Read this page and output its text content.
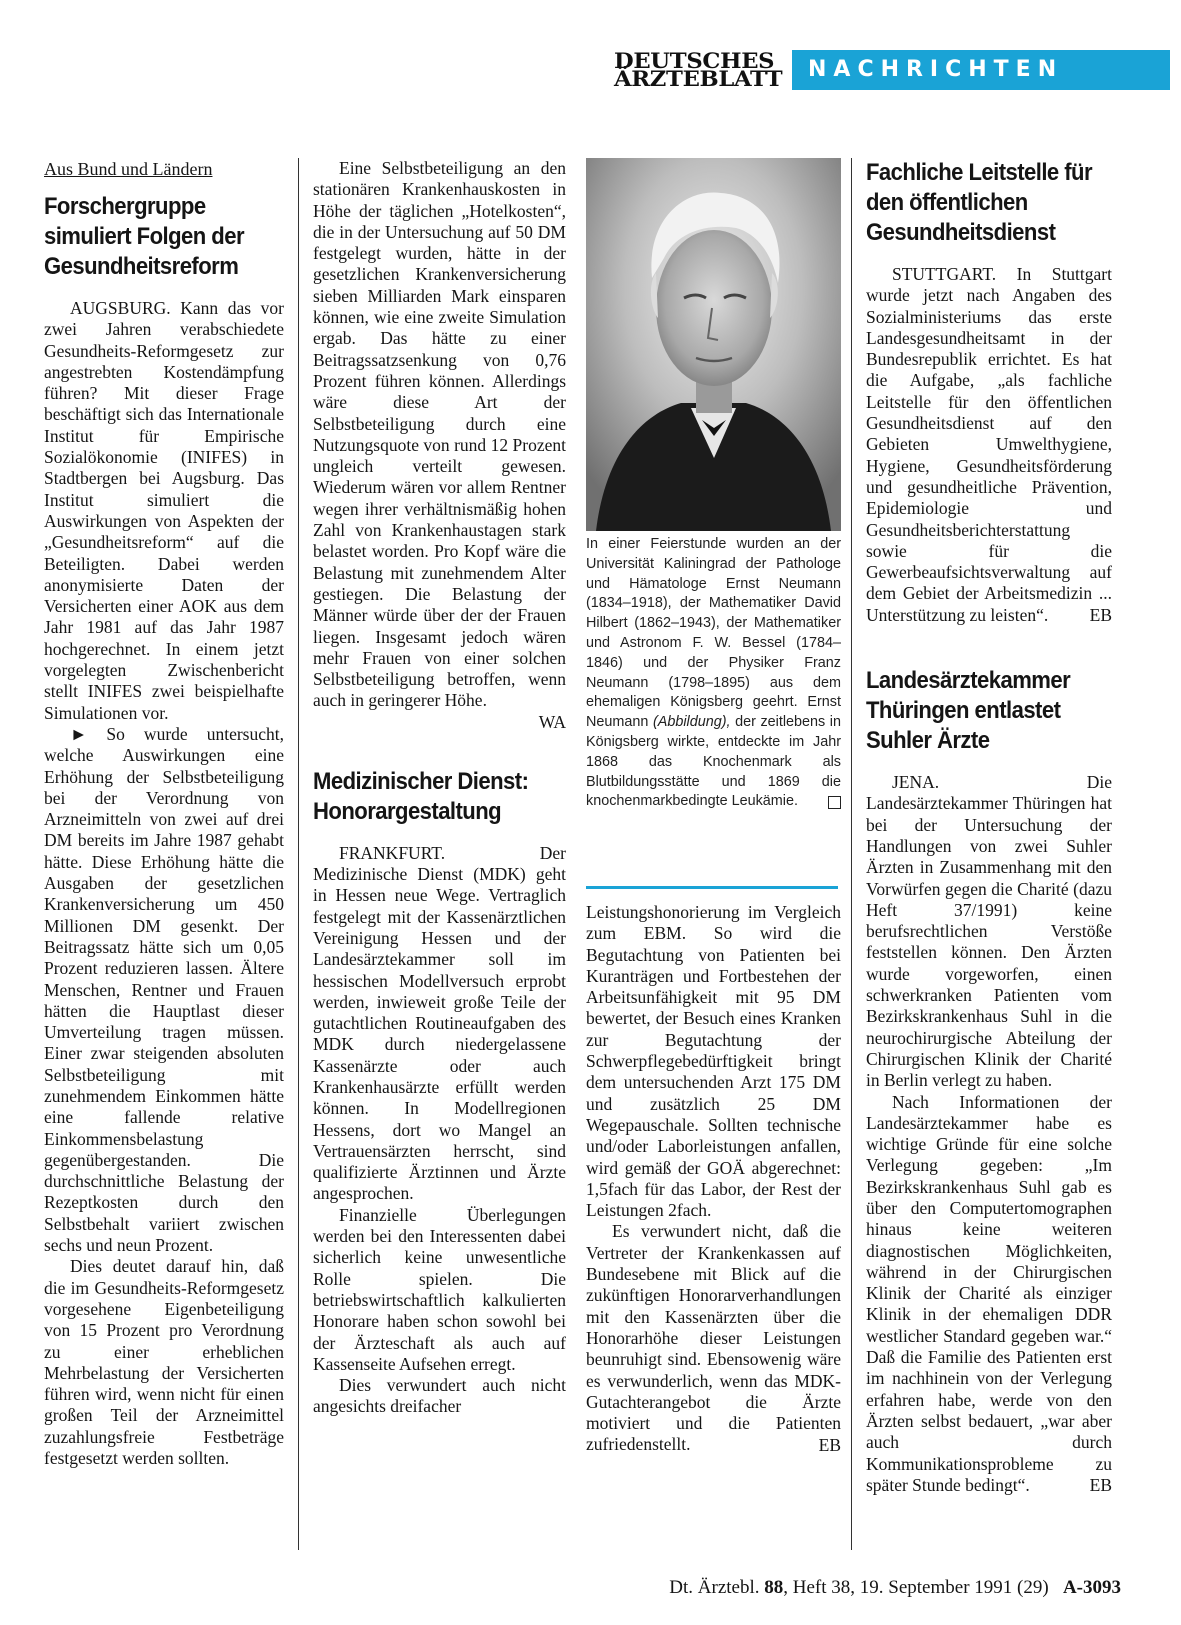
DEUTSCHES
ÄRZTEBLATT	NACHRICHTEN
Aus Bund und Ländern
Forschergruppe simuliert Folgen der Gesundheitsreform

AUGSBURG. Kann das vor zwei Jahren verabschiedete Gesundheits-Reformgesetz zur angestrebten Kostendämpfung führen? Mit dieser Frage beschäftigt sich das Internationale Institut für Empirische Sozialökonomie (INIFES) in Stadtbergen bei Augsburg. Das Institut simuliert die Auswirkungen von Aspekten der „Gesundheitsreform“ auf die Beteiligten. Dabei werden anonymisierte Daten der Versicherten einer AOK aus dem Jahr 1981 auf das Jahr 1987 hochgerechnet. In einem jetzt vorgelegten Zwischenbericht stellt INIFES zwei beispielhafte Simulationen vor.

► So wurde untersucht, welche Auswirkungen eine Erhöhung der Selbstbeteiligung bei der Verordnung von Arzneimitteln von zwei auf drei DM bereits im Jahre 1987 gehabt hätte. Diese Erhöhung hätte die Ausgaben der gesetzlichen Krankenversicherung um 450 Millionen DM gesenkt. Der Beitragssatz hätte sich um 0,05 Prozent reduzieren lassen. Ältere Menschen, Rentner und Frauen hätten die Hauptlast dieser Umverteilung tragen müssen. Einer zwar steigenden absoluten Selbstbeteiligung mit zunehmendem Einkommen hätte eine fallende relative Einkommensbelastung gegenübergestanden. Die durchschnittliche Belastung der Rezeptkosten durch den Selbstbehalt variiert zwischen sechs und neun Prozent.

Dies deutet darauf hin, daß die im Gesundheits-Reformgesetz vorgesehene Eigenbeteiligung von 15 Prozent pro Verordnung zu einer erheblichen Mehrbelastung der Versicherten führen wird, wenn nicht für einen großen Teil der Arzneimittel zuzahlungsfreie Festbeträge festgesetzt werden sollten.

Eine Selbstbeteiligung an den stationären Krankenhauskosten in Höhe der täglichen „Hotelkosten“, die in der Untersuchung auf 50 DM festgelegt wurden, hätte in der gesetzlichen Krankenversicherung sieben Milliarden Mark einsparen können, wie eine zweite Simulation ergab. Das hätte zu einer Beitragssatzsenkung von 0,76 Prozent führen können. Allerdings wäre diese Art der Selbstbeteiligung durch eine Nutzungsquote von rund 12 Prozent ungleich verteilt gewesen. Wiederum wären vor allem Rentner wegen ihrer verhältnismäßig hohen Zahl von Krankenhaustagen stark belastet worden. Pro Kopf wäre die Belastung mit zunehmendem Alter gestiegen. Die Belastung der Männer würde über der der Frauen liegen. Insgesamt jedoch wären mehr Frauen von einer solchen Selbstbeteiligung betroffen, wenn auch in geringerer Höhe.

WA
Medizinischer Dienst: Honorargestaltung

FRANKFURT. Der Medizinische Dienst (MDK) geht in Hessen neue Wege. Vertraglich festgelegt mit der Kassenärztlichen Vereinigung Hessen und der Landesärztekammer soll im hessischen Modellversuch erprobt werden, inwieweit große Teile der gutachtlichen Routineaufgaben des MDK durch niedergelassene Kassenärzte oder auch Krankenhausärzte erfüllt werden können. In Modellregionen Hessens, dort wo Mangel an Vertrauensärzten herrscht, sind qualifizierte Ärztinnen und Ärzte angesprochen.

Finanzielle Überlegungen werden bei den Interessenten dabei sicherlich keine unwesentliche Rolle spielen. Die betriebswirtschaftlich kalkulierten Honorare haben schon sowohl bei der Ärzteschaft als auch auf Kassenseite Aufsehen erregt.

Dies verwundert auch nicht angesichts dreifacher

In einer Feierstunde wurden an der Universität Kaliningrad der Pathologe und Hämatologe Ernst Neumann (1834–1918), der Mathematiker David Hilbert (1862–1943), der Mathematiker und Astronom F. W. Bessel (1784–1846) und der Physiker Franz Neumann (1798–1895) aus dem ehemaligen Königsberg geehrt. Ernst Neumann (Abbildung), der zeitlebens in Königsberg wirkte, entdeckte im Jahr 1868 das Knochenmark als Blutbildungsstätte und 1869 die knochenmarkbedingte Leukämie.

Leistungshonorierung im Vergleich zum EBM. So wird die Begutachtung von Patienten bei Kuranträgen und Fortbestehen der Arbeitsunfähigkeit mit 95 DM bewertet, der Besuch eines Kranken zur Begutachtung der Schwerpflegebedürftigkeit bringt dem untersuchenden Arzt 175 DM und zusätzlich 25 DM Wegepauschale. Sollten technische und/oder Laborleistungen anfallen, wird gemäß der GOÄ abgerechnet: 1,5fach für das Labor, der Rest der Leistungen 2fach.

Es verwundert nicht, daß die Vertreter der Krankenkassen auf Bundesebene mit Blick auf die zukünftigen Honorarverhandlungen mit den Kassenärzten über die Honorarhöhe dieser Leistungen beunruhigt sind. Ebensowenig wäre es verwunderlich, wenn das MDK-Gutachterangebot die Ärzte motiviert und die Patienten zufriedenstellt.	EB
Fachliche Leitstelle für den öffentlichen Gesundheitsdienst

STUTTGART. In Stuttgart wurde jetzt nach Angaben des Sozialministeriums das erste Landesgesundheitsamt in der Bundesrepublik errichtet. Es hat die Aufgabe, „als fachliche Leitstelle für den öffentlichen Gesundheitsdienst auf den Gebieten Umwelthygiene, Hygiene, Gesundheitsförderung und gesundheitliche Prävention, Epidemiologie und Gesundheitsberichterstattung sowie für die Gewerbeaufsichtsverwaltung auf dem Gebiet der Arbeitsmedizin ... Unterstützung zu leisten“.	EB
Landesärztekammer Thüringen entlastet Suhler Ärzte

JENA. Die Landesärztekammer Thüringen hat bei der Untersuchung der Handlungen von zwei Suhler Ärzten in Zusammenhang mit den Vorwürfen gegen die Charité (dazu Heft 37/1991) keine berufsrechtlichen Verstöße feststellen können. Den Ärzten wurde vorgeworfen, einen schwerkranken Patienten vom Bezirkskrankenhaus Suhl in die neurochirurgische Abteilung der Chirurgischen Klinik der Charité in Berlin verlegt zu haben.

Nach Informationen der Landesärztekammer habe es wichtige Gründe für eine solche Verlegung gegeben: „Im Bezirkskrankenhaus Suhl gab es über den Computertomographen hinaus keine weiteren diagnostischen Möglichkeiten, während in der Chirurgischen Klinik der Charité als einziger Klinik in der ehemaligen DDR westlicher Standard gegeben war.“ Daß die Familie des Patienten erst im nachhinein von der Verlegung erfahren habe, werde von den Ärzten selbst bedauert, „war aber auch durch Kommunikationsprobleme zu später Stunde bedingt“.	EB
Dt. Ärztebl. 88, Heft 38, 19. September 1991 (29) A-3093
